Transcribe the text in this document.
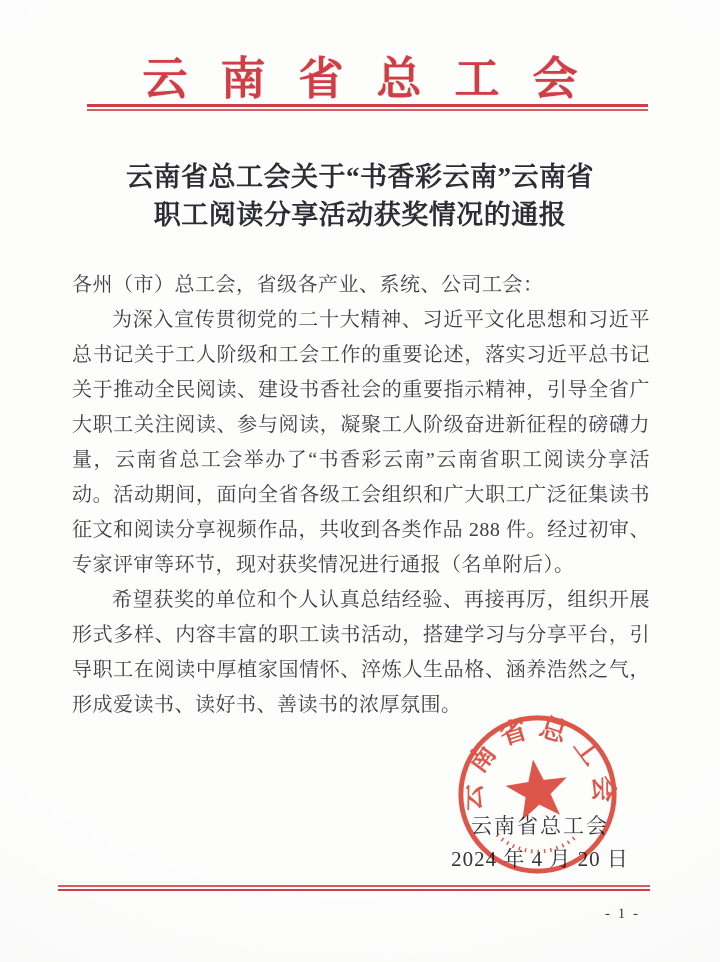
云南省总工会
云南省总工会关于“书香彩云南”云南省
职工阅读分享活动获奖情况的通报
各州（市）总工会，省级各产业、系统、公司工会：
为深入宣传贯彻党的二十大精神、习近平文化思想和习近平
总书记关于工人阶级和工会工作的重要论述，落实习近平总书记
关于推动全民阅读、建设书香社会的重要指示精神，引导全省广
大职工关注阅读、参与阅读，凝聚工人阶级奋进新征程的磅礴力
量，云南省总工会举办了“书香彩云南”云南省职工阅读分享活
动。活动期间，面向全省各级工会组织和广大职工广泛征集读书
征文和阅读分享视频作品，共收到各类作品 288 件。经过初审、
专家评审等环节，现对获奖情况进行通报（名单附后）。
希望获奖的单位和个人认真总结经验、再接再厉，组织开展
形式多样、内容丰富的职工读书活动，搭建学习与分享平台，引
导职工在阅读中厚植家国情怀、淬炼人生品格、涵养浩然之气，
形成爱读书、读好书、善读书的浓厚氛围。
云南省总工会
2024 年 4 月 20 日
云南省总工会
- 1 -
